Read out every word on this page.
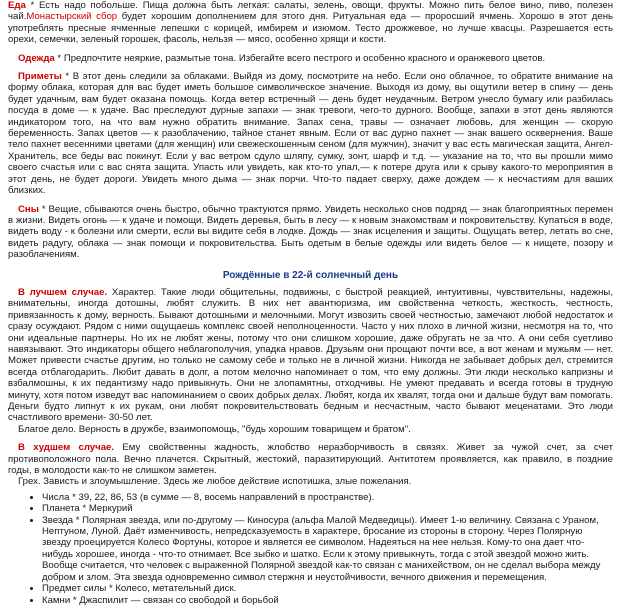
Еда * Есть надо побольше. Пища должна быть легкая: салаты, зелень, овощи, фрукты. Можно пить белое вино, пиво, полезен чай.Монастырский сбор будет хорошим дополнением для этого дня. Ритуальная еда — проросший ячмень. Хорошо в этот день употреблять пресные ячменные лепешки с корицей, имбирем и изюмом. Тесто дрожжевое, но лучше квасцы. Разрешается есть орехи, семечки, зеленый горошек, фасоль, нельзя — мясо, особенно хрящи и кости.

Одежда * Предпочтите неяркие, размытые тона. Избегайте всего пестрого и особенно красного и оранжевого цветов.

Приметы * В этот день следили за облаками. Выйдя из дому, посмотрите на небо. Если оно облачное, то обратите внимание на форму облака, которая для вас будет иметь большое символическое значение. Выходя из дому, вы ощутили ветер в спину — день будет удачным, вам будет оказана помощь. Когда ветер встречный — день будет неудачным. Ветром унесло бумагу или разбилась посуда в доме — к удаче. Вас преследуют дурные запахи — знак тревоги, чего-то дурного. Вообще, запахи в этот день являются индикатором того, на что вам нужно обратить внимание. Запах сена, травы — означает любовь, для женщин — скорую беременность. Запах цветов — к разоблачению, тайное станет явным. Если от вас дурно пахнет — знак вашего осквернения. Ваше тело пахнет весенними цветами (для женщин) или свежескошенным сеном (для мужчин), значит у вас есть магическая защита, Ангел-Хранитель, все беды вас покинут. Если у вас ветром сдуло шляпу, сумку, зонт, шарф и т.д. — указание на то, что вы прошли мимо своего счастья или с вас снята защита. Упасть или увидеть, как кто-то упал,— к потере друга или к срыву какого-то мероприятия в этот день, не будет дороги. Увидеть много дыма — знак порчи. Что-то падает сверху, даже дождем — к несчастиям для ваших близких.

Сны * Вещие, сбываются очень быстро, обычно трактуются прямо. Увидеть несколько снов подряд — знак благоприятных перемен в жизни. Видеть огонь — к удаче и помощи. Видеть деревья, быть в лесу — к новым знакомствам и покровительству. Купаться в воде, видеть воду - к болезни или смерти, если вы видите себя в лодке. Дождь — знак исцеления и защиты. Ощущать ветер, летать во сне, видеть радугу, облака — знак помощи и покровительства. Быть одетым в белые одежды или видеть белое — к нищете, позору и разоблачениям.

Рождённые в 22-й солнечный день

В лучшем случае. Характер. Такие люди общительны, подвижны, с быстрой реакцией, интуитивны, чувствительны, надежны, внимательны, иногда дотошны, любят служить. В них нет авантюризма, им свойственна четкость, жесткость, честность, привязанность к дому, верность. Бывают дотошными и мелочными. Могут извозить своей честностью, замечают любой недостаток и сразу осуждают. Рядом с ними ощущаешь комплекс своей неполноценности. Часто у них плохо в личной жизни, несмотря на то, что они идеальные партнеры. Но их не любят жены, потому что они слишком хорошие, даже обругать не за что. А они себя суетливо навязывают. Это индикаторы общего неблагополучия, упадка нравов. Друзьям они прощают почти все, а вот женам и мужьям — нет. Может привести счастье другим, но только не самому себе и только не в личной жизни. Никогда не забывает добрых дел, стремится всегда отблагодарить. Любит давать в долг, а потом мелочно напоминает о том, что ему должны. Эти люди несколько капризны и взбалмошны, к их педантизму надо привыкнуть. Они не злопамятны, отходчивы. Не умеют предавать и всегда готовы в трудную минуту, хотя потом изведут вас напоминанием о своих добрых делах. Любят, когда их хвалят, тогда они и дальше будут вам помогать. Деньги будто липнут к их рукам, они любят покровительствовать бедным и несчастным, часто бывают меценатами. Это люди счастливого времени- 30-50 лет.

Благое дело. Верность в дружбе, взаимопомощь, "будь хорошим товарищем и братом".

В худшем случае. Ему свойственны жадность, жлобство неразборчивость в связях. Живет за чужой счет, за счет противоположного пола. Вечно плачется. Скрытный, жестокий, паразитирующий. Антитотем проявляется, как правило, в поздние годы, в молодости как-то не слишком заметен.

Грех. Зависть и злоумышление. Здесь же любое действие испотишка, злые пожелания.

• Числа * 39, 22, 86, 53 (в сумме — 8, восемь направлений в пространстве).
• Планета * Меркурий
• Звезда * Полярная звезда, или по-другому — Киносура (альфа Малой Медведицы). Имеет 1-ю величину. Связана с Ураном, Нептуном, Луной. Даёт изменчивость, непредсказуемость в характере, бросание из стороны в сторону. Через Полярную звезду проецируется Колесо Фортуны, которое и является ее символом. Надеяться на нее нельзя. Кому-то она дает что-нибудь хорошее, иногда - что-то отнимает. Все зыбко и шатко. Если к этому привыкнуть, тогда с этой звездой можно жить. Вообще считается, что человек с выраженной Полярной звездой как-то связан с манихейством, он не сделал выбора между добром и злом. Эта звезда одновременно символ стержня и неустойчивости, вечного движения и перемещения.
• Предмет силы * Колесо, метательный диск.
• Камни * Джаспилит — связан со свободой и борьбой
